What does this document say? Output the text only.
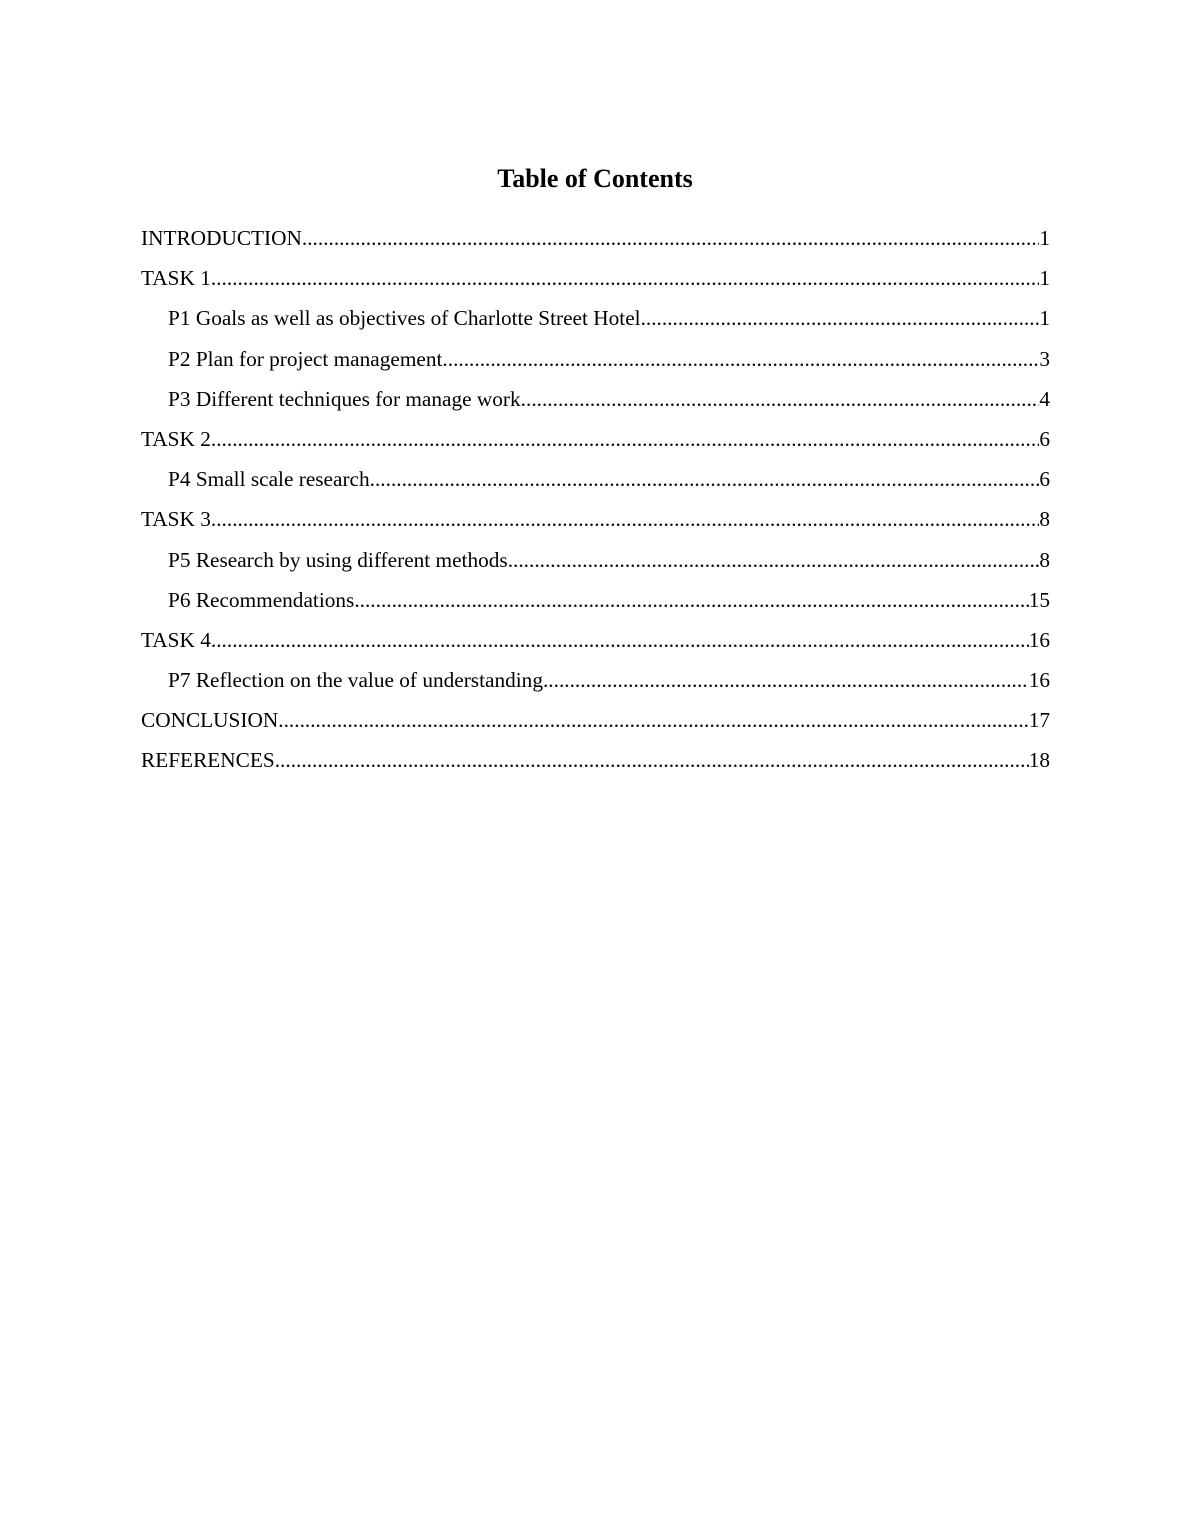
Table of Contents
INTRODUCTION .....	1
TASK 1 .....	1
P1 Goals as well as objectives of Charlotte Street Hotel .....	1
P2 Plan for project management .....	3
P3 Different techniques for manage work .....	4
TASK 2 .....	6
P4 Small scale research .....	6
TASK 3 .....	8
P5 Research by using different methods .....	8
P6 Recommendations .....	15
TASK 4 .....	16
P7 Reflection on the value of understanding .....	16
CONCLUSION .....	17
REFERENCES .....	18
